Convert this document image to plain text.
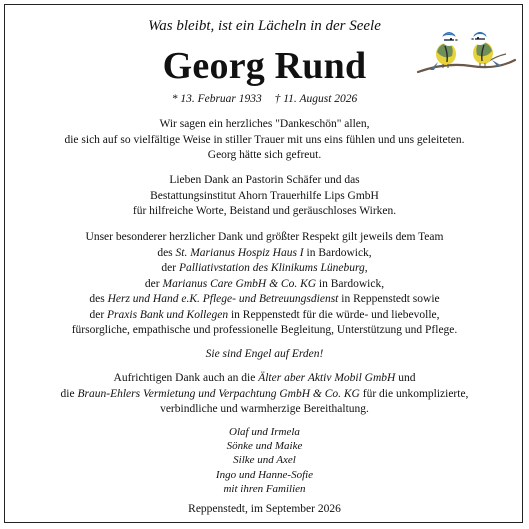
Was bleibt, ist ein Lächeln in der Seele
Georg Rund
* 13. Februar 1933 † 11. August 2026
Wir sagen ein herzliches "Dankeschön" allen,
die sich auf so vielfältige Weise in stiller Trauer mit uns eins fühlen und uns geleiteten.
Georg hätte sich gefreut.
Lieben Dank an Pastorin Schäfer und das
Bestattungsinstitut Ahorn Trauerhilfe Lips GmbH
für hilfreiche Worte, Beistand und geräuschloses Wirken.
Unser besonderer herzlicher Dank und größter Respekt gilt jeweils dem Team
des St. Marianus Hospiz Haus I in Bardowick,
der Palliativstation des Klinikums Lüneburg,
der Marianus Care GmbH & Co. KG in Bardowick,
des Herz und Hand e.K. Pflege- und Betreuungsdienst in Reppenstedt sowie
der Praxis Bank und Kollegen in Reppenstedt für die würde- und liebevolle,
fürsorgliche, empathische und professionelle Begleitung, Unterstützung und Pflege.
Sie sind Engel auf Erden!
Aufrichtigen Dank auch an die Älter aber Aktiv Mobil GmbH und
die Braun-Ehlers Vermietung und Verpachtung GmbH & Co. KG für die unkomplizierte,
verbindliche und warmherzige Bereithaltung.
Olaf und Irmela
Sönke und Maike
Silke und Axel
Ingo und Hanne-Sofie
mit ihren Familien
Reppenstedt, im September 2026
